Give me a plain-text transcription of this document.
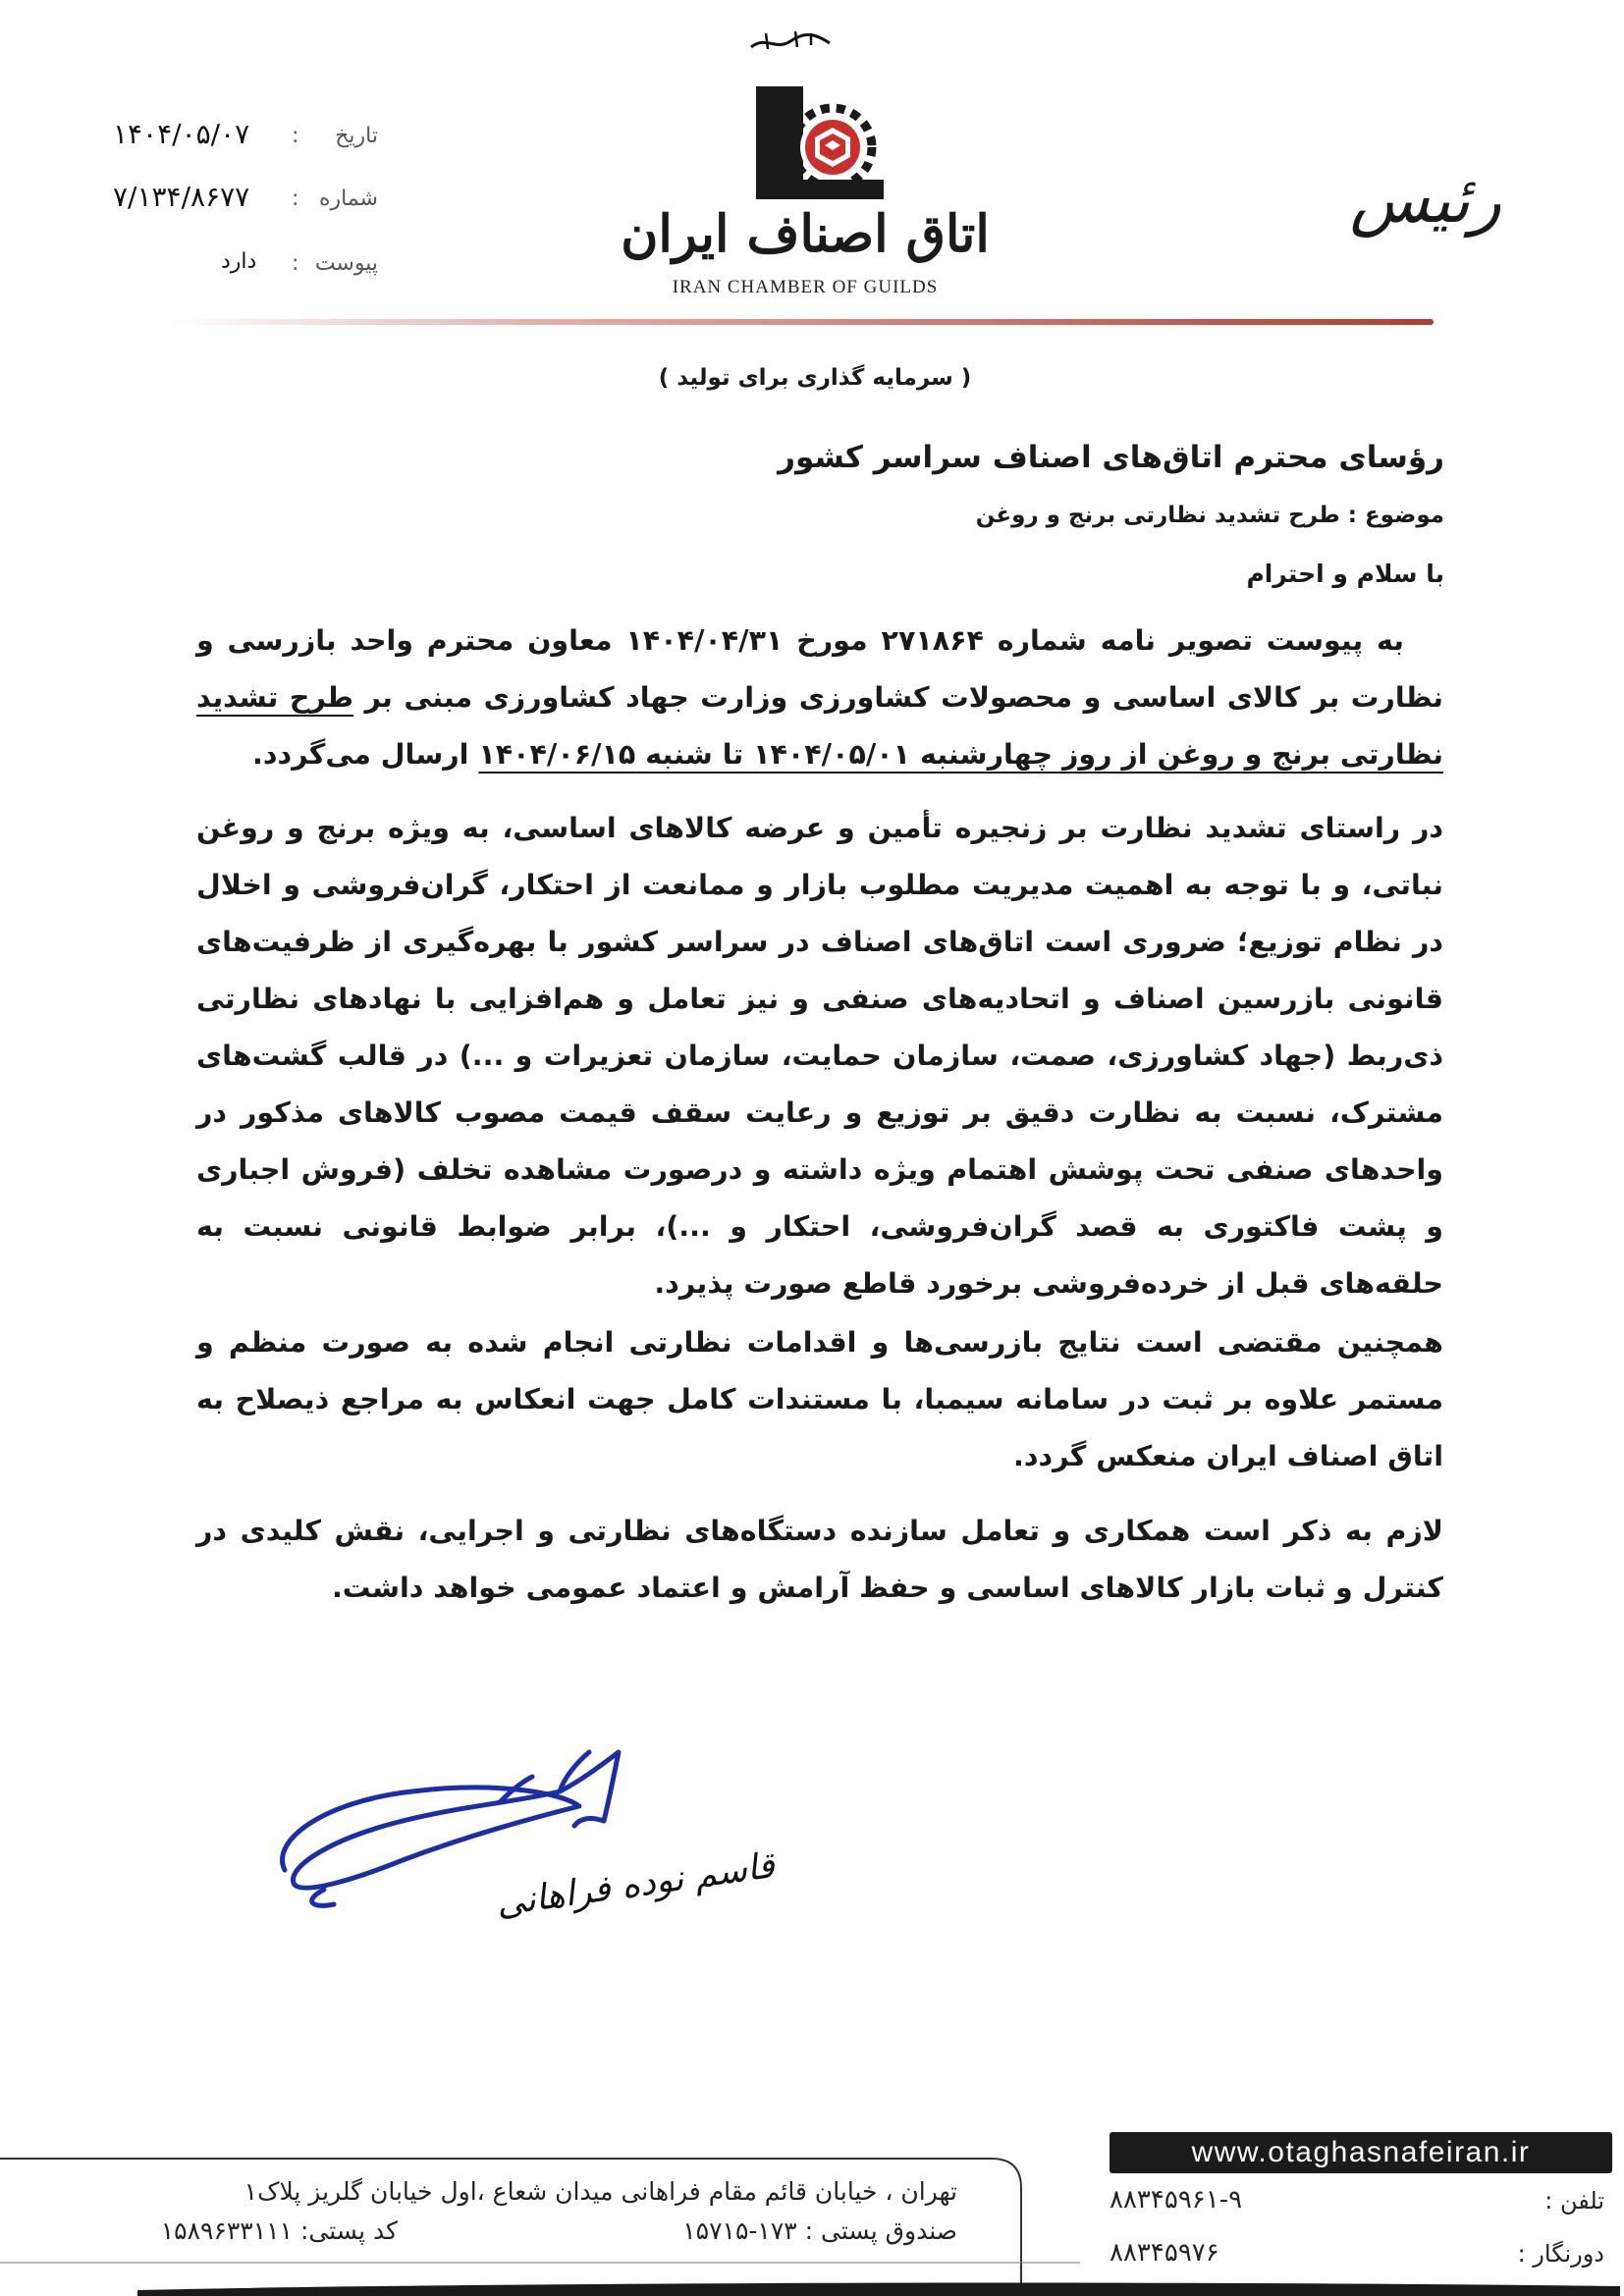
اتاق اصناف ایران
IRAN CHAMBER OF GUILDS
رئیس
۱۴۰۴/۰۵/۰۷ : تاریخ
۷/۱۳۴/۸۶۷۷ : شماره
دارد : پیوست
( سرمایه گذاری برای تولید )
رؤسای محترم اتاق‌های اصناف سراسر کشور
موضوع : طرح تشدید نظارتی برنج و روغن
با سلام و احترام
به پیوست تصویر نامه شماره ۲۷۱۸۶۴ مورخ ۱۴۰۴/۰۴/۳۱ معاون محترم واحد بازرسی و نظارت بر کالای اساسی و محصولات کشاورزی وزارت جهاد کشاورزی مبنی بر طرح تشدید نظارتی برنج و روغن از روز چهارشنبه ۱۴۰۴/۰۵/۰۱ تا شنبه ۱۴۰۴/۰۶/۱۵ ارسال می‌گردد.
در راستای تشدید نظارت بر زنجیره تأمین و عرضه کالاهای اساسی، به ویژه برنج و روغن نباتی، و با توجه به اهمیت مدیریت مطلوب بازار و ممانعت از احتکار، گران‌فروشی و اخلال در نظام توزیع؛ ضروری است اتاق‌های اصناف در سراسر کشور با بهره‌گیری از ظرفیت‌های قانونی بازرسین اصناف و اتحادیه‌های صنفی و نیز تعامل و هم‌افزایی با نهادهای نظارتی ذی‌ربط (جهاد کشاورزی، صمت، سازمان حمایت، سازمان تعزیرات و ...) در قالب گشت‌های مشترک، نسبت به نظارت دقیق بر توزیع و رعایت سقف قیمت مصوب کالاهای مذکور در واحدهای صنفی تحت پوشش اهتمام ویژه داشته و درصورت مشاهده تخلف (فروش اجباری و پشت فاکتوری به قصد گران‌فروشی، احتکار و ...)، برابر ضوابط قانونی نسبت به حلقه‌های قبل از خرده‌فروشی برخورد قاطع صورت پذیرد.
همچنین مقتضی است نتایج بازرسی‌ها و اقدامات نظارتی انجام شده به صورت منظم و مستمر علاوه بر ثبت در سامانه سیمبا، با مستندات کامل جهت انعکاس به مراجع ذیصلاح به اتاق اصناف ایران منعکس گردد.
لازم به ذکر است همکاری و تعامل سازنده دستگاه‌های نظارتی و اجرایی، نقش کلیدی در کنترل و ثبات بازار کالاهای اساسی و حفظ آرامش و اعتماد عمومی خواهد داشت.
قاسم نوده فراهانی
www.otaghasnafeiran.ir
تلفن :
۸۸۳۴۵۹۶۱-۹
دورنگار :
۸۸۳۴۵۹۷۶
تهران ، خیابان قائم مقام فراهانی میدان شعاع ،اول خیابان گلریز پلاک۱
صندوق پستی : ۱۷۳-۱۵۷۱۵
کد پستی: ۱۵۸۹۶۳۳۱۱۱
